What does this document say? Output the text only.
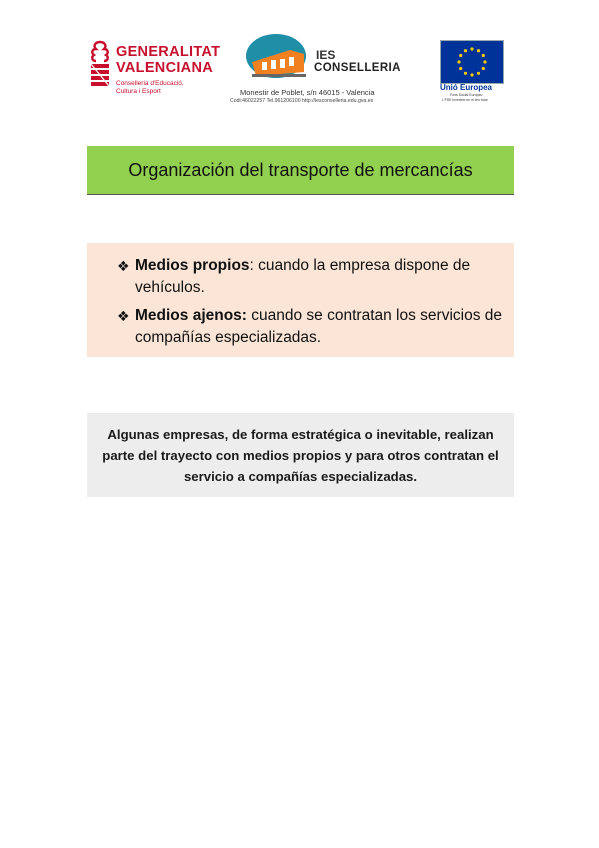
GENERALITAT
VALENCIANA
Conselleria d'Educació,
Cultura i Esport
IES
CONSELLERIA
Monestir de Poblet, s/n 46015 - Valencia
Codi:46022257 Tel.961206100 http://iesconselleria.edu.gva.es
Unió Europea
Fons Social Europeu
L'FSE inverteix en el teu futur
Organización del transporte de mercancías
❖ Medios propios: cuando la empresa dispone de vehículos.
❖ Medios ajenos: cuando se contratan los servicios de compañías especializadas.

Algunas empresas, de forma estratégica o inevitable, realizan parte del trayecto con medios propios y para otros contratan el servicio a compañías especializadas.
